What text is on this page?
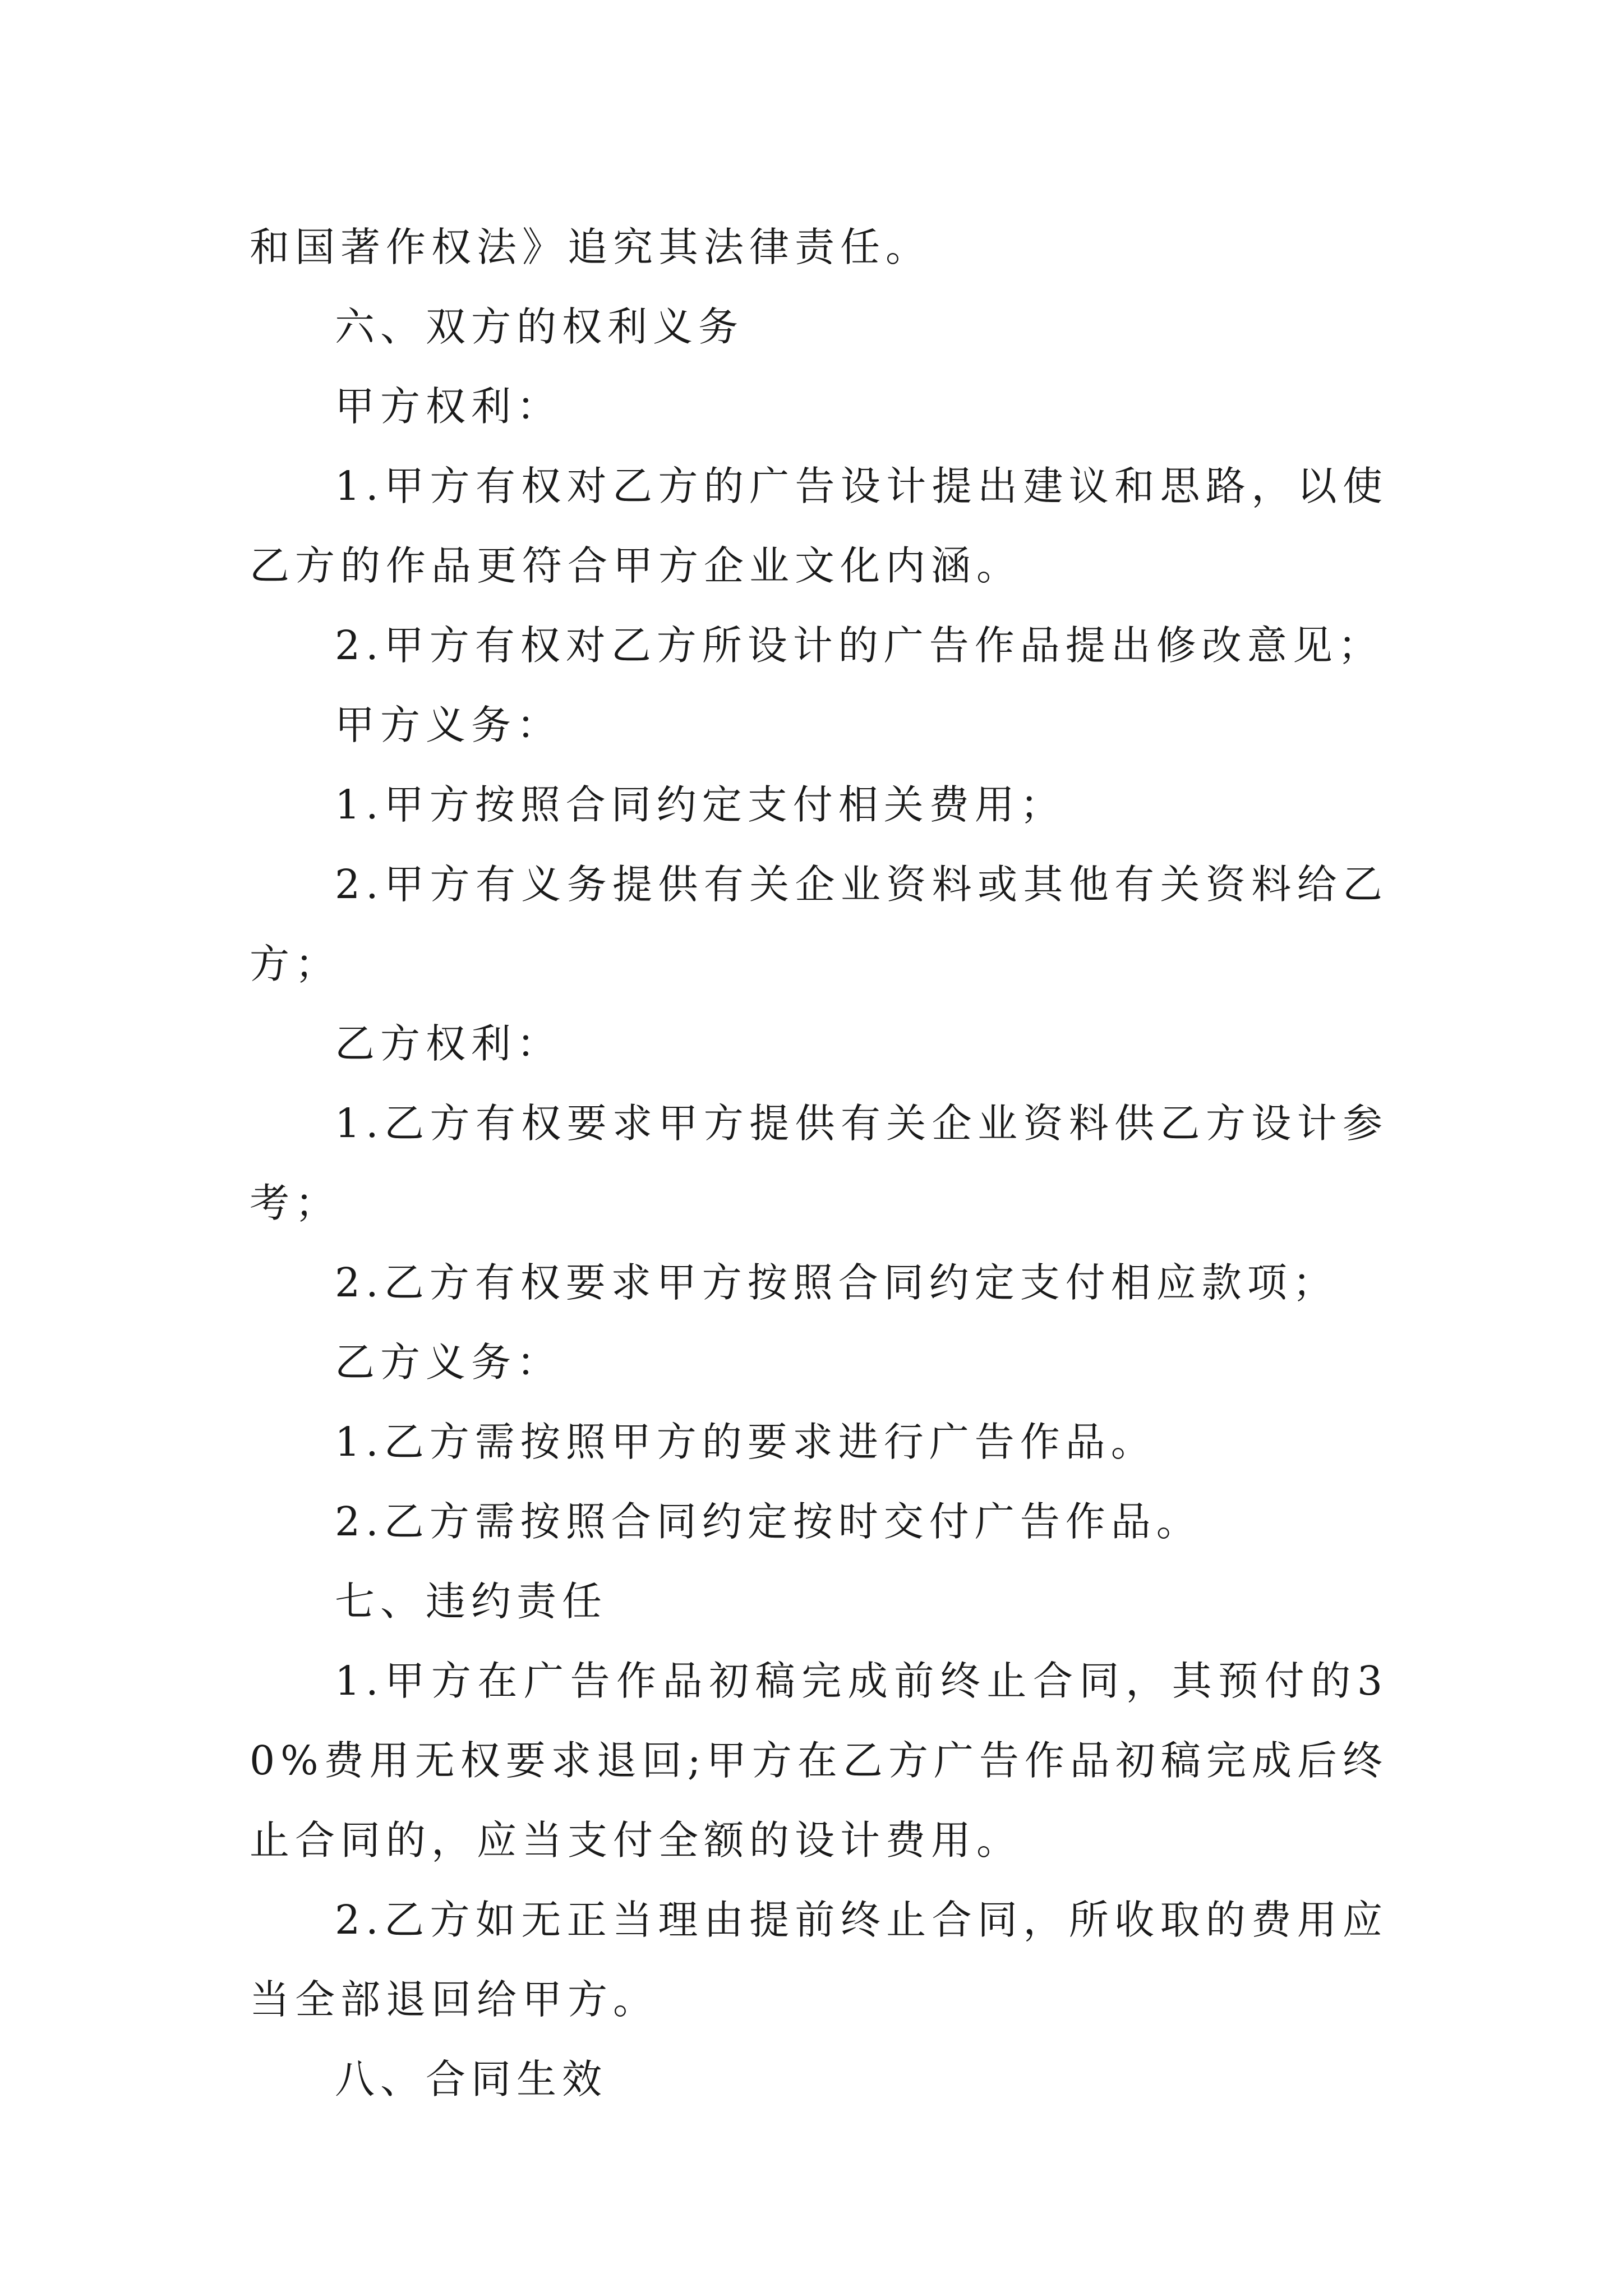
和国著作权法》追究其法律责任。

六、双方的权利义务

甲方权利：

1.甲方有权对乙方的广告设计提出建议和思路，以使乙方的作品更符合甲方企业文化内涵。

2.甲方有权对乙方所设计的广告作品提出修改意见；

甲方义务：

1.甲方按照合同约定支付相关费用；

2.甲方有义务提供有关企业资料或其他有关资料给乙方；

乙方权利：

1.乙方有权要求甲方提供有关企业资料供乙方设计参考；

2.乙方有权要求甲方按照合同约定支付相应款项；

乙方义务：

1.乙方需按照甲方的要求进行广告作品。

2.乙方需按照合同约定按时交付广告作品。

七、违约责任

1.甲方在广告作品初稿完成前终止合同，其预付的30%费用无权要求退回;甲方在乙方广告作品初稿完成后终止合同的，应当支付全额的设计费用。

2.乙方如无正当理由提前终止合同，所收取的费用应当全部退回给甲方。

八、合同生效
